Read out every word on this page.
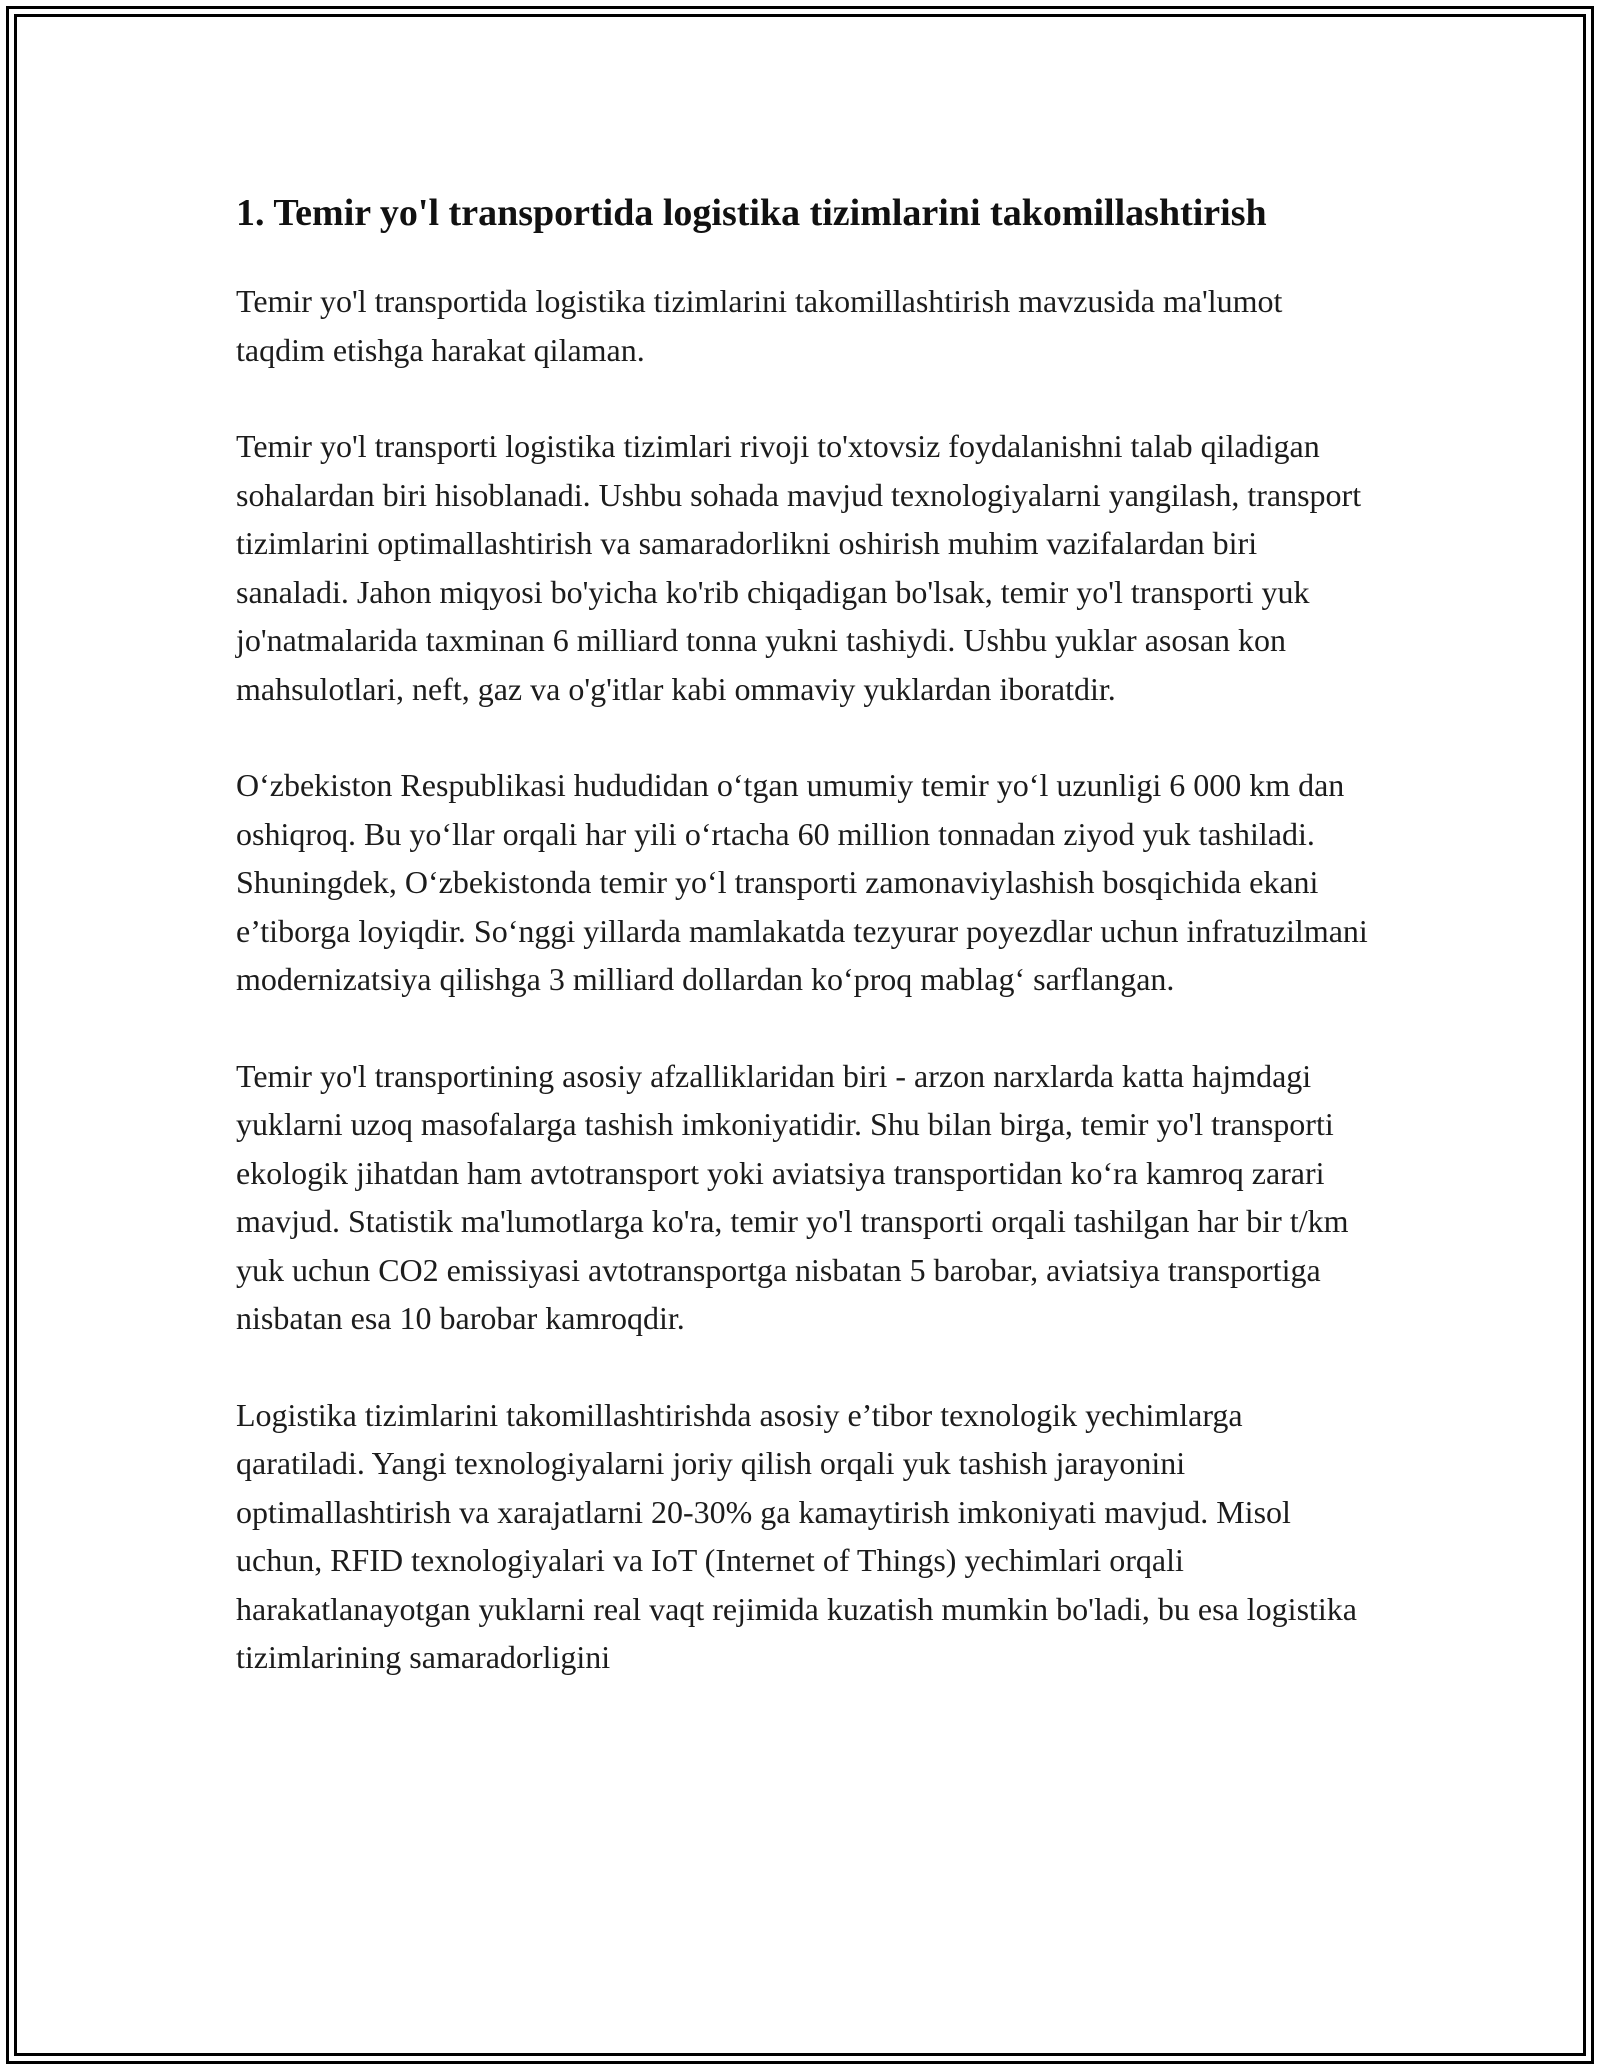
1. Temir yo'l transportida logistika tizimlarini takomillashtirish

Temir yo'l transportida logistika tizimlarini takomillashtirish mavzusida ma'lumot taqdim etishga harakat qilaman.

Temir yo'l transporti logistika tizimlari rivoji to'xtovsiz foydalanishni talab qiladigan sohalardan biri hisoblanadi. Ushbu sohada mavjud texnologiyalarni yangilash, transport tizimlarini optimallashtirish va samaradorlikni oshirish muhim vazifalardan biri sanaladi. Jahon miqyosi bo'yicha ko'rib chiqadigan bo'lsak, temir yo'l transporti yuk jo'natmalarida taxminan 6 milliard tonna yukni tashiydi. Ushbu yuklar asosan kon mahsulotlari, neft, gaz va o'g'itlar kabi ommaviy yuklardan iboratdir.

O‘zbekiston Respublikasi hududidan o‘tgan umumiy temir yo‘l uzunligi 6 000 km dan oshiqroq. Bu yo‘llar orqali har yili o‘rtacha 60 million tonnadan ziyod yuk tashiladi. Shuningdek, O‘zbekistonda temir yo‘l transporti zamonaviylashish bosqichida ekani e’tiborga loyiqdir. So‘nggi yillarda mamlakatda tezyurar poyezdlar uchun infratuzilmani modernizatsiya qilishga 3 milliard dollardan ko‘proq mablag‘ sarflangan.

Temir yo'l transportining asosiy afzalliklaridan biri - arzon narxlarda katta hajmdagi yuklarni uzoq masofalarga tashish imkoniyatidir. Shu bilan birga, temir yo'l transporti ekologik jihatdan ham avtotransport yoki aviatsiya transportidan ko‘ra kamroq zarari mavjud. Statistik ma'lumotlarga ko'ra, temir yo'l transporti orqali tashilgan har bir t/km yuk uchun CO2 emissiyasi avtotransportga nisbatan 5 barobar, aviatsiya transportiga nisbatan esa 10 barobar kamroqdir.

Logistika tizimlarini takomillashtirishda asosiy e’tibor texnologik yechimlarga qaratiladi. Yangi texnologiyalarni joriy qilish orqali yuk tashish jarayonini optimallashtirish va xarajatlarni 20-30% ga kamaytirish imkoniyati mavjud. Misol uchun, RFID texnologiyalari va IoT (Internet of Things) yechimlari orqali harakatlanayotgan yuklarni real vaqt rejimida kuzatish mumkin bo'ladi, bu esa logistika tizimlarining samaradorligini
